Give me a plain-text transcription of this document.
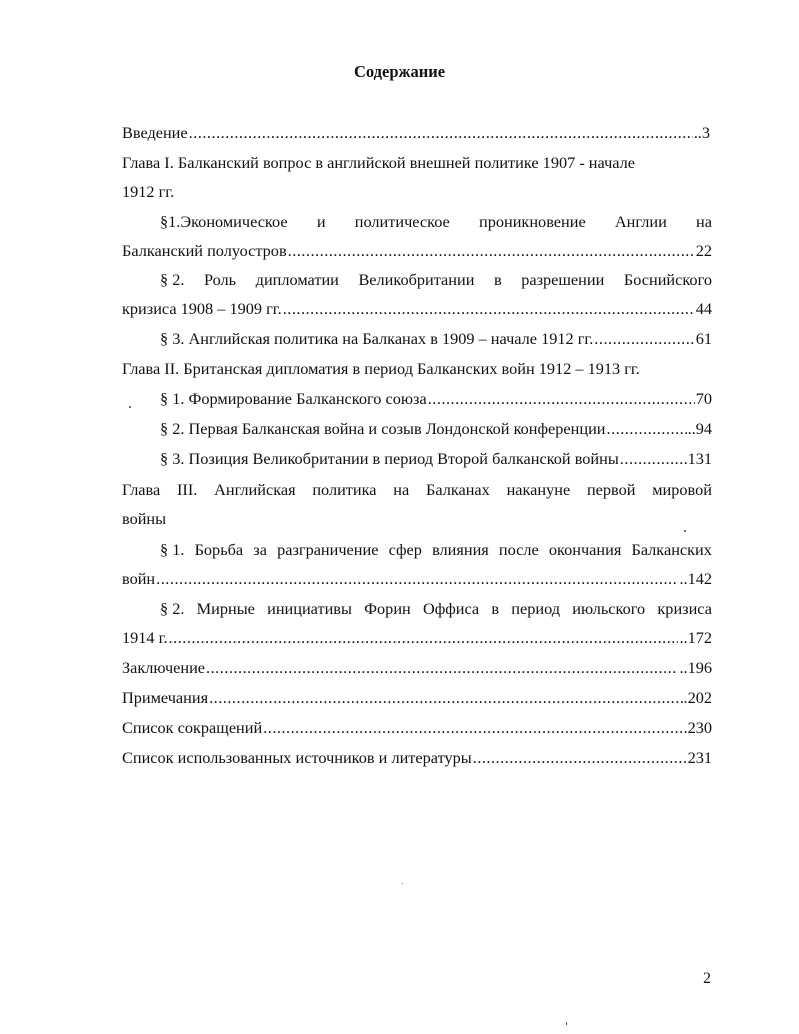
Содержание
Введение .....	..3
Глава I. Балканский вопрос в английской внешней политике 1907 - начале
1912 гг.
§1.Экономическое и политическое проникновение Англии на
Балканский полуостров .....	22
§ 2. Роль дипломатии Великобритании в разрешении Боснийского
кризиса 1908 – 1909 гг. .....	44
§ 3. Английская политика на Балканах в 1909 – начале 1912 гг. .....	61
Глава II. Британская дипломатия в период Балканских войн 1912 – 1913 гг.
§ 1. Формирование Балканского союза .....	70
§ 2. Первая Балканская война и созыв Лондонской конференции .....	..94
§ 3. Позиция Великобритании в период Второй балканской войны .....	131
Глава III. Английская политика на Балканах накануне первой мировой
войны
§ 1. Борьба за разграничение сфер влияния после окончания Балканских
войн .....	..142
§ 2. Мирные инициативы Форин Оффиса в период июльского кризиса
1914 г. .....	..172
Заключение .....	..196
Примечания .....	.202
Список сокращений .....	230
Список использованных источников и литературы .....	231
2
